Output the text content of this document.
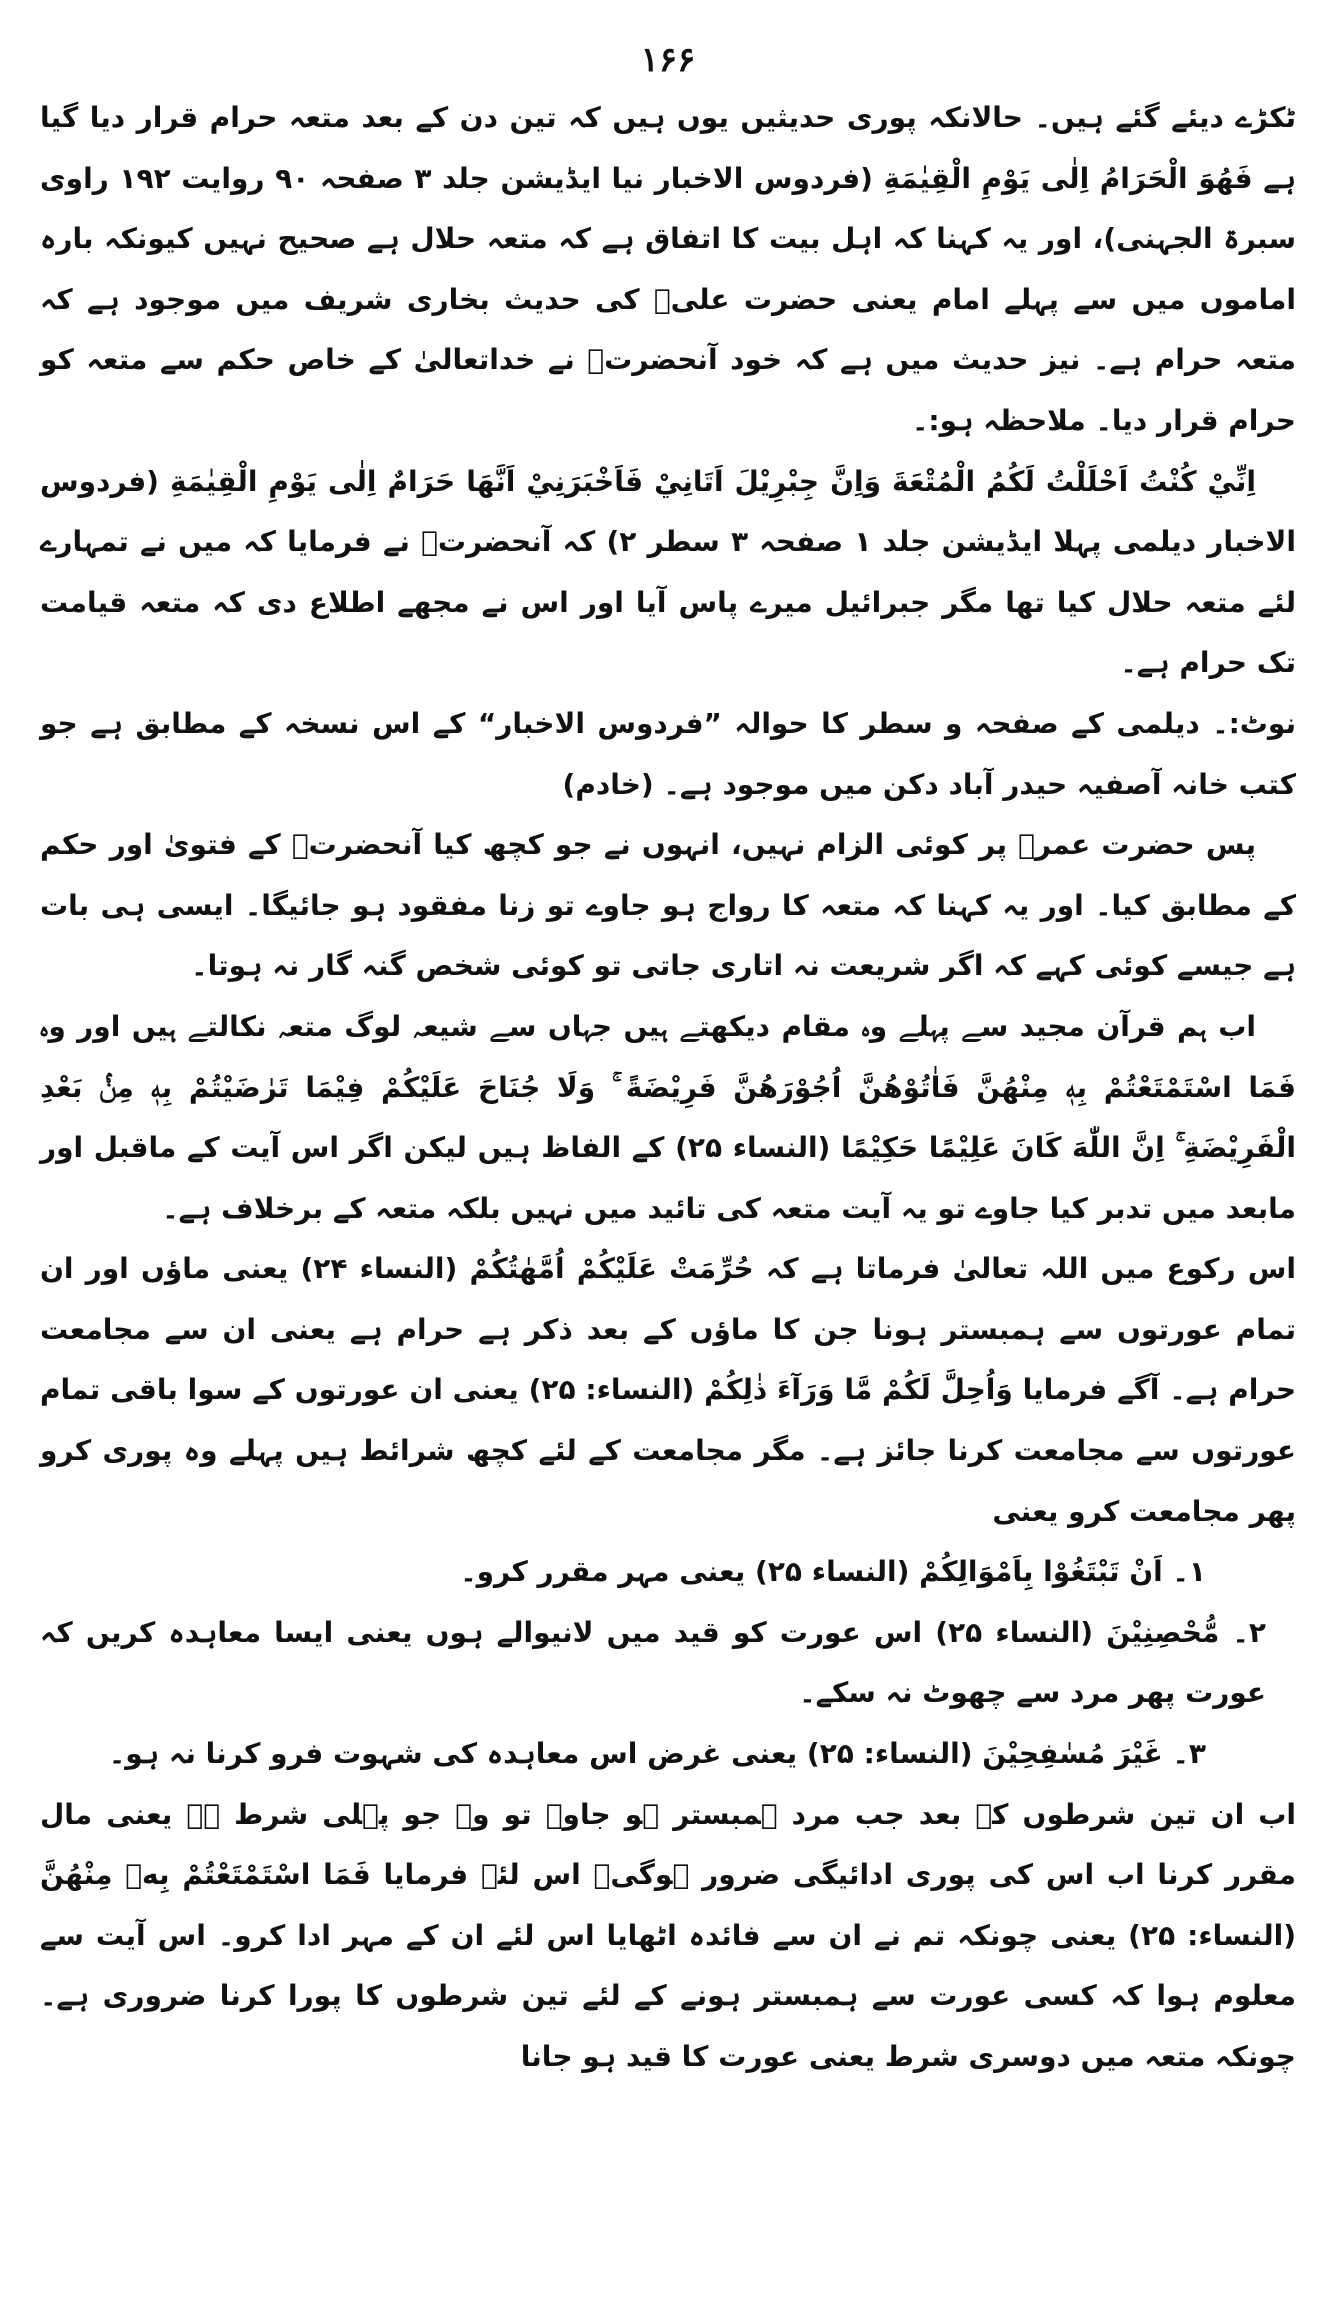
۱۶۶

ٹکڑے دیئے گئے ہیں۔ حالانکہ پوری حدیثیں یوں ہیں کہ تین دن کے بعد متعہ حرام قرار دیا گیا ہے فَهُوَ الْحَرَامُ اِلٰی يَوْمِ الْقِيٰمَةِ (فردوس الاخبار نیا ایڈیشن جلد ۳ صفحہ ۹۰ روایت ۱۹۲ راوی سبرۃ الجہنی)، اور یہ کہنا کہ اہل بیت کا اتفاق ہے کہ متعہ حلال ہے صحیح نہیں کیونکہ بارہ اماموں میں سے پہلے امام یعنی حضرت علیؓ کی حدیث بخاری شریف میں موجود ہے کہ متعہ حرام ہے۔ نیز حدیث میں ہے کہ خود آنحضرتؐ نے خداتعالیٰ کے خاص حکم سے متعہ کو حرام قرار دیا۔ ملاحظہ ہو:۔

اِنِّيْ كُنْتُ اَحْلَلْتُ لَكُمُ الْمُتْعَةَ وَاِنَّ جِبْرِيْلَ اَتَانِيْ فَاَخْبَرَنِيْ اَنَّهَا حَرَامٌ اِلٰی يَوْمِ الْقِيٰمَةِ (فردوس الاخبار دیلمی پہلا ایڈیشن جلد ۱ صفحہ ۳ سطر ۲) کہ آنحضرتؐ نے فرمایا کہ میں نے تمہارے لئے متعہ حلال کیا تھا مگر جبرائیل میرے پاس آیا اور اس نے مجھے اطلاع دی کہ متعہ قیامت تک حرام ہے۔

نوٹ:۔ دیلمی کے صفحہ و سطر کا حوالہ ”فردوس الاخبار“ کے اس نسخہ کے مطابق ہے جو کتب خانہ آصفیہ حیدر آباد دکن میں موجود ہے۔ (خادم)

پس حضرت عمرؓ پر کوئی الزام نہیں، انہوں نے جو کچھ کیا آنحضرتؐ کے فتویٰ اور حکم کے مطابق کیا۔ اور یہ کہنا کہ متعہ کا رواج ہو جاوے تو زنا مفقود ہو جائیگا۔ ایسی ہی بات ہے جیسے کوئی کہے کہ اگر شریعت نہ اتاری جاتی تو کوئی شخص گنہ گار نہ ہوتا۔

اب ہم قرآن مجید سے پہلے وہ مقام دیکھتے ہیں جہاں سے شیعہ لوگ متعہ نکالتے ہیں اور وہ فَمَا اسْتَمْتَعْتُمْ بِهٖ مِنْهُنَّ فَاٰتُوْهُنَّ اُجُوْرَهُنَّ فَرِيْضَةً ۚ وَلَا جُنَاحَ عَلَيْكُمْ فِيْمَا تَرٰضَيْتُمْ بِهٖ مِنْۢ بَعْدِ الْفَرِيْضَةِ ۚ اِنَّ اللّٰهَ كَانَ عَلِيْمًا حَكِيْمًا (النساء ۲۵) کے الفاظ ہیں لیکن اگر اس آیت کے ماقبل اور مابعد میں تدبر کیا جاوے تو یہ آیت متعہ کی تائید میں نہیں بلکہ متعہ کے برخلاف ہے۔

اس رکوع میں اللہ تعالیٰ فرماتا ہے کہ حُرِّمَتْ عَلَيْكُمْ اُمَّهٰتُكُمْ (النساء ۲۴) یعنی ماؤں اور ان تمام عورتوں سے ہمبستر ہونا جن کا ماؤں کے بعد ذکر ہے حرام ہے یعنی ان سے مجامعت حرام ہے۔ آگے فرمایا وَاُحِلَّ لَكُمْ مَّا وَرَآءَ ذٰلِكُمْ (النساء: ۲۵) یعنی ان عورتوں کے سوا باقی تمام عورتوں سے مجامعت کرنا جائز ہے۔ مگر مجامعت کے لئے کچھ شرائط ہیں پہلے وہ پوری کرو پھر مجامعت کرو یعنی

۱۔ اَنْ تَبْتَغُوْا بِاَمْوَالِكُمْ (النساء ۲۵) یعنی مہر مقرر کرو۔

۲۔ مُّحْصِنِيْنَ (النساء ۲۵) اس عورت کو قید میں لانیوالے ہوں یعنی ایسا معاہدہ کریں کہ عورت پھر مرد سے چھوٹ نہ سکے۔

۳۔ غَيْرَ مُسٰفِحِيْنَ (النساء: ۲۵) یعنی غرض اس معاہدہ کی شہوت فرو کرنا نہ ہو۔

اب ان تین شرطوں کے بعد جب مرد ہمبستر ہو جاوے تو وہ جو پہلی شرط ہے یعنی مال مقرر کرنا اب اس کی پوری ادائیگی ضرور ہوگی۔ اس لئے فرمایا فَمَا اسْتَمْتَعْتُمْ بِهٖ مِنْهُنَّ (النساء: ۲۵) یعنی چونکہ تم نے ان سے فائدہ اٹھایا اس لئے ان کے مہر ادا کرو۔ اس آیت سے معلوم ہوا کہ کسی عورت سے ہمبستر ہونے کے لئے تین شرطوں کا پورا کرنا ضروری ہے۔ چونکہ متعہ میں دوسری شرط یعنی عورت کا قید ہو جانا
